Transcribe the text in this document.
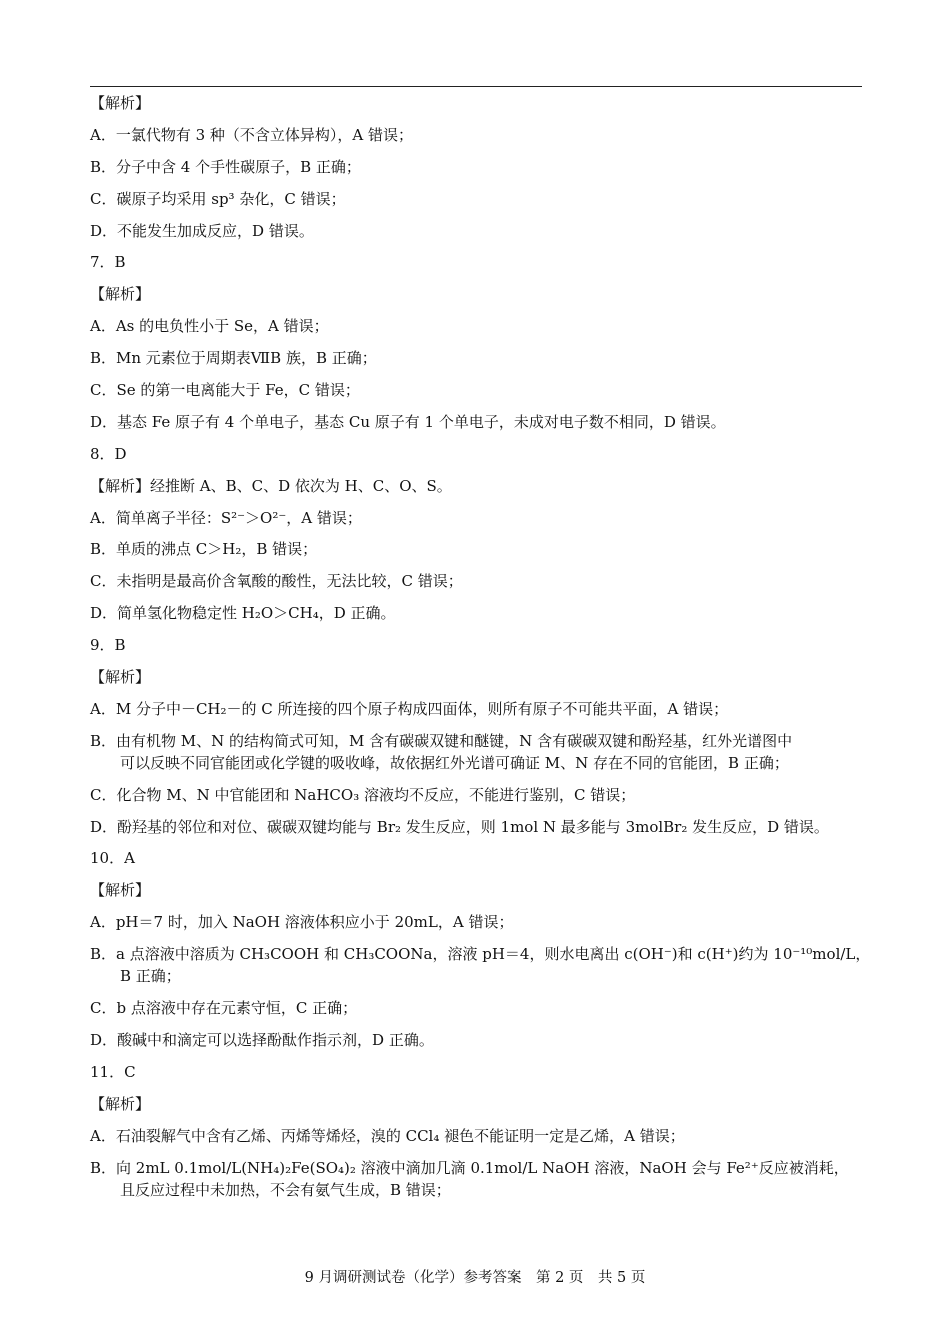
【解析】
A．一氯代物有 3 种（不含立体异构），A 错误；
B．分子中含 4 个手性碳原子，B 正确；
C．碳原子均采用 sp³ 杂化，C 错误；
D．不能发生加成反应，D 错误。
7．B
【解析】
A．As 的电负性小于 Se，A 错误；
B．Mn 元素位于周期表ⅦB 族，B 正确；
C．Se 的第一电离能大于 Fe，C 错误；
D．基态 Fe 原子有 4 个单电子，基态 Cu 原子有 1 个单电子，未成对电子数不相同，D 错误。
8．D
【解析】经推断 A、B、C、D 依次为 H、C、O、S。
A．简单离子半径：S²⁻＞O²⁻，A 错误；
B．单质的沸点 C＞H₂，B 错误；
C．未指明是最高价含氧酸的酸性，无法比较，C 错误；
D．简单氢化物稳定性 H₂O＞CH₄，D 正确。
9．B
【解析】
A．M 分子中－CH₂－的 C 所连接的四个原子构成四面体，则所有原子不可能共平面，A 错误；
B．由有机物 M、N 的结构简式可知，M 含有碳碳双键和醚键，N 含有碳碳双键和酚羟基，红外光谱图中
可以反映不同官能团或化学键的吸收峰，故依据红外光谱可确证 M、N 存在不同的官能团，B 正确；
C．化合物 M、N 中官能团和 NaHCO₃ 溶液均不反应，不能进行鉴别，C 错误；
D．酚羟基的邻位和对位、碳碳双键均能与 Br₂ 发生反应，则 1mol N 最多能与 3molBr₂ 发生反应，D 错误。
10．A
【解析】
A．pH＝7 时，加入 NaOH 溶液体积应小于 20mL，A 错误；
B．a 点溶液中溶质为 CH₃COOH 和 CH₃COONa，溶液 pH＝4，则水电离出 c(OH⁻)和 c(H⁺)约为 10⁻¹⁰mol/L，
B 正确；
C．b 点溶液中存在元素守恒，C 正确；
D．酸碱中和滴定可以选择酚酞作指示剂，D 正确。
11．C
【解析】
A．石油裂解气中含有乙烯、丙烯等烯烃，溴的 CCl₄ 褪色不能证明一定是乙烯，A 错误；
B．向 2mL 0.1mol/L(NH₄)₂Fe(SO₄)₂ 溶液中滴加几滴 0.1mol/L NaOH 溶液，NaOH 会与 Fe²⁺反应被消耗，
且反应过程中未加热，不会有氨气生成，B 错误；
9 月调研测试卷（化学）参考答案　第 2 页　共 5 页
